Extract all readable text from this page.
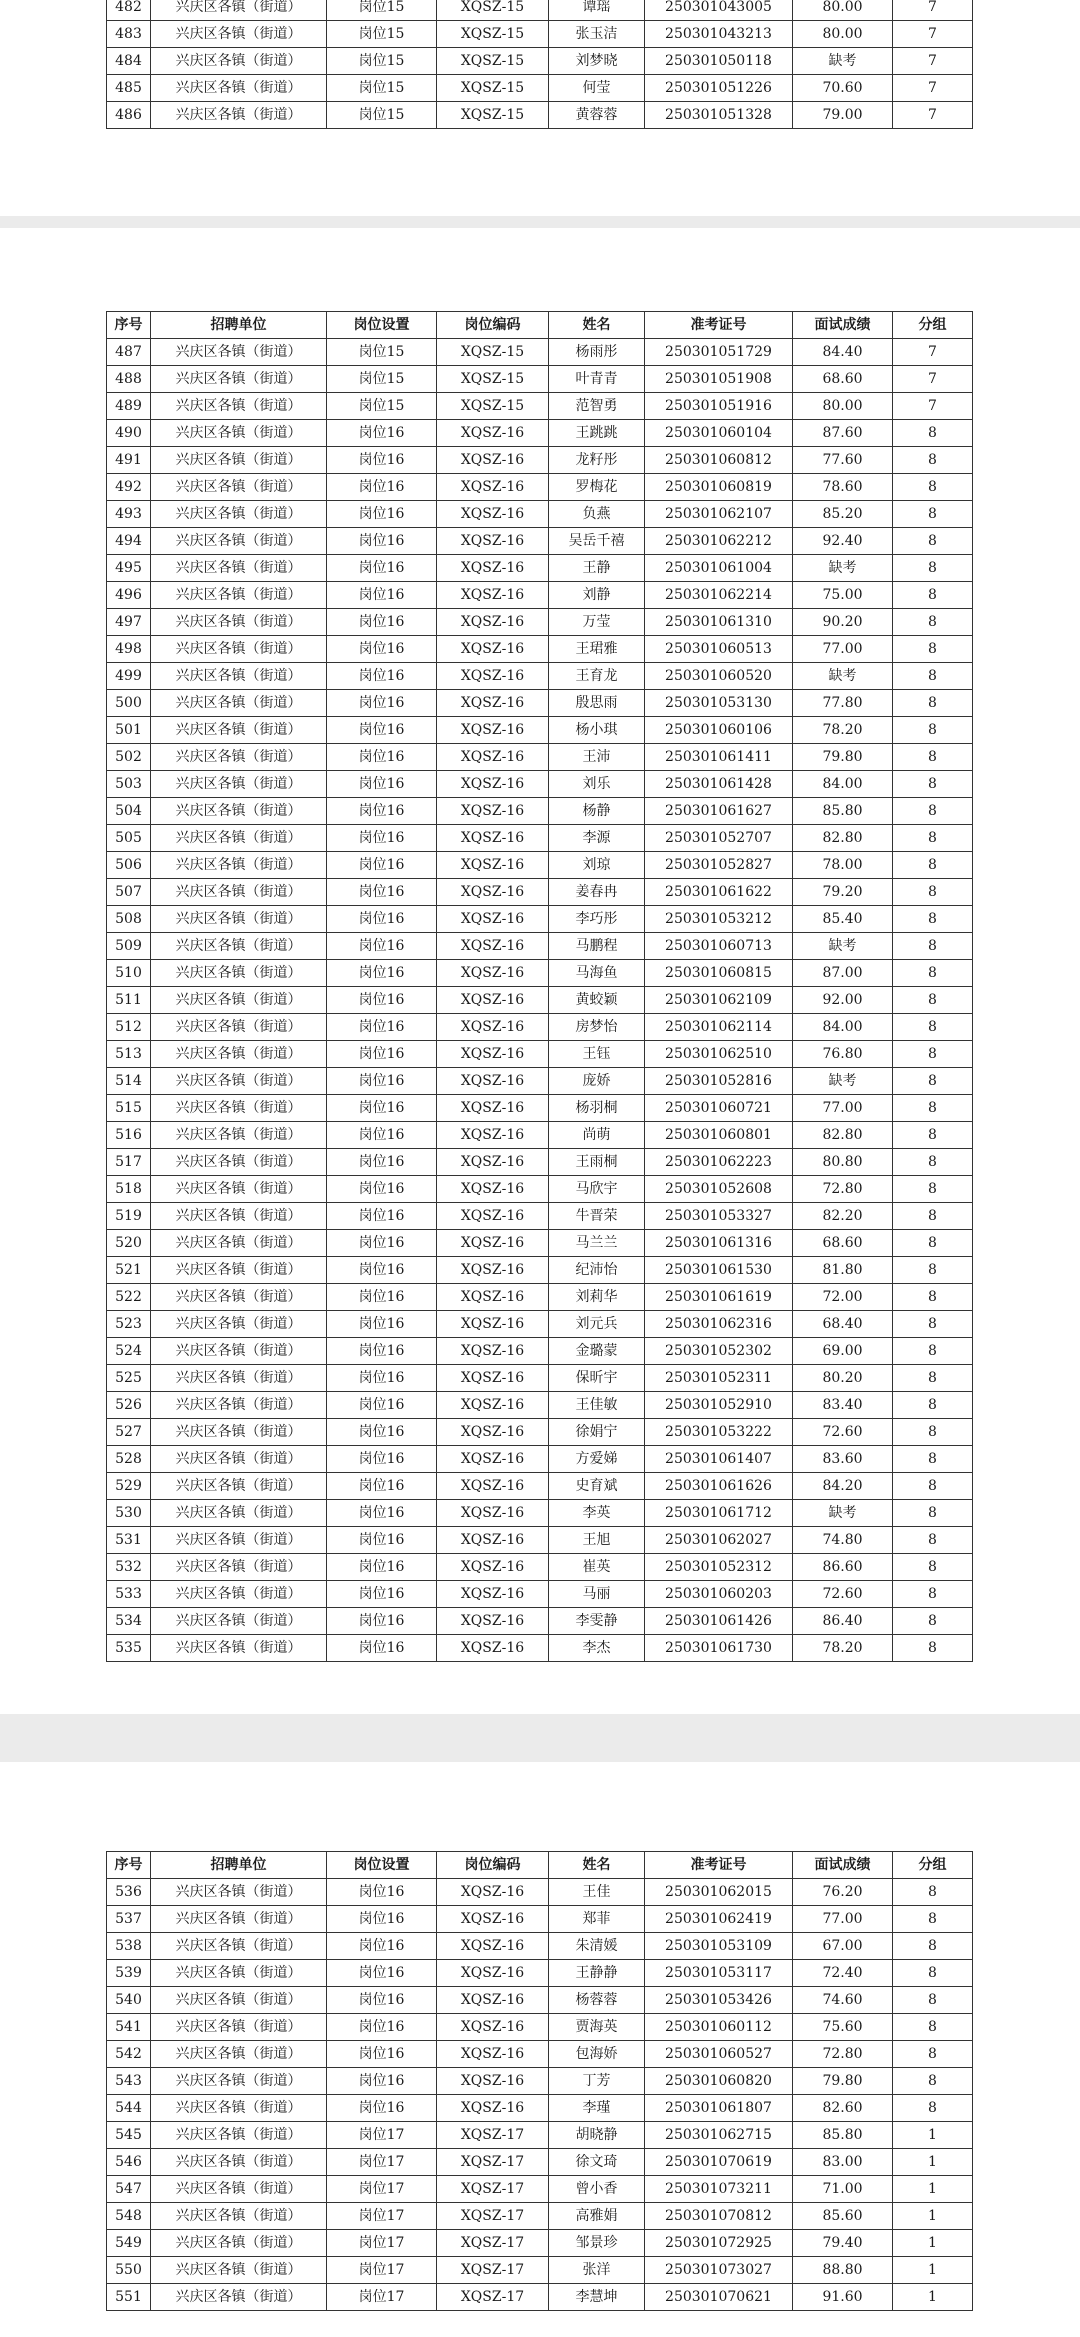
482	兴庆区各镇（街道）	岗位15	XQSZ-15	谭瑶	250301043005	80.00	7
483	兴庆区各镇（街道）	岗位15	XQSZ-15	张玉洁	250301043213	80.00	7
484	兴庆区各镇（街道）	岗位15	XQSZ-15	刘梦晓	250301050118	缺考	7
485	兴庆区各镇（街道）	岗位15	XQSZ-15	何莹	250301051226	70.60	7
486	兴庆区各镇（街道）	岗位15	XQSZ-15	黄蓉蓉	250301051328	79.00	7
序号	招聘单位	岗位设置	岗位编码	姓名	准考证号	面试成绩	分组
487	兴庆区各镇（街道）	岗位15	XQSZ-15	杨雨彤	250301051729	84.40	7
488	兴庆区各镇（街道）	岗位15	XQSZ-15	叶青青	250301051908	68.60	7
489	兴庆区各镇（街道）	岗位15	XQSZ-15	范智勇	250301051916	80.00	7
490	兴庆区各镇（街道）	岗位16	XQSZ-16	王跳跳	250301060104	87.60	8
491	兴庆区各镇（街道）	岗位16	XQSZ-16	龙籽彤	250301060812	77.60	8
492	兴庆区各镇（街道）	岗位16	XQSZ-16	罗梅花	250301060819	78.60	8
493	兴庆区各镇（街道）	岗位16	XQSZ-16	负燕	250301062107	85.20	8
494	兴庆区各镇（街道）	岗位16	XQSZ-16	吴岳千禧	250301062212	92.40	8
495	兴庆区各镇（街道）	岗位16	XQSZ-16	王静	250301061004	缺考	8
496	兴庆区各镇（街道）	岗位16	XQSZ-16	刘静	250301062214	75.00	8
497	兴庆区各镇（街道）	岗位16	XQSZ-16	万莹	250301061310	90.20	8
498	兴庆区各镇（街道）	岗位16	XQSZ-16	王珺雅	250301060513	77.00	8
499	兴庆区各镇（街道）	岗位16	XQSZ-16	王育龙	250301060520	缺考	8
500	兴庆区各镇（街道）	岗位16	XQSZ-16	殷思雨	250301053130	77.80	8
501	兴庆区各镇（街道）	岗位16	XQSZ-16	杨小琪	250301060106	78.20	8
502	兴庆区各镇（街道）	岗位16	XQSZ-16	王沛	250301061411	79.80	8
503	兴庆区各镇（街道）	岗位16	XQSZ-16	刘乐	250301061428	84.00	8
504	兴庆区各镇（街道）	岗位16	XQSZ-16	杨静	250301061627	85.80	8
505	兴庆区各镇（街道）	岗位16	XQSZ-16	李源	250301052707	82.80	8
506	兴庆区各镇（街道）	岗位16	XQSZ-16	刘琼	250301052827	78.00	8
507	兴庆区各镇（街道）	岗位16	XQSZ-16	姜春冉	250301061622	79.20	8
508	兴庆区各镇（街道）	岗位16	XQSZ-16	李巧彤	250301053212	85.40	8
509	兴庆区各镇（街道）	岗位16	XQSZ-16	马鹏程	250301060713	缺考	8
510	兴庆区各镇（街道）	岗位16	XQSZ-16	马海鱼	250301060815	87.00	8
511	兴庆区各镇（街道）	岗位16	XQSZ-16	黄蛟颖	250301062109	92.00	8
512	兴庆区各镇（街道）	岗位16	XQSZ-16	房梦怡	250301062114	84.00	8
513	兴庆区各镇（街道）	岗位16	XQSZ-16	王钰	250301062510	76.80	8
514	兴庆区各镇（街道）	岗位16	XQSZ-16	庞娇	250301052816	缺考	8
515	兴庆区各镇（街道）	岗位16	XQSZ-16	杨羽桐	250301060721	77.00	8
516	兴庆区各镇（街道）	岗位16	XQSZ-16	尚萌	250301060801	82.80	8
517	兴庆区各镇（街道）	岗位16	XQSZ-16	王雨桐	250301062223	80.80	8
518	兴庆区各镇（街道）	岗位16	XQSZ-16	马欣宇	250301052608	72.80	8
519	兴庆区各镇（街道）	岗位16	XQSZ-16	牛晋荣	250301053327	82.20	8
520	兴庆区各镇（街道）	岗位16	XQSZ-16	马兰兰	250301061316	68.60	8
521	兴庆区各镇（街道）	岗位16	XQSZ-16	纪沛怡	250301061530	81.80	8
522	兴庆区各镇（街道）	岗位16	XQSZ-16	刘莉华	250301061619	72.00	8
523	兴庆区各镇（街道）	岗位16	XQSZ-16	刘元兵	250301062316	68.40	8
524	兴庆区各镇（街道）	岗位16	XQSZ-16	金璐蒙	250301052302	69.00	8
525	兴庆区各镇（街道）	岗位16	XQSZ-16	保昕宇	250301052311	80.20	8
526	兴庆区各镇（街道）	岗位16	XQSZ-16	王佳敏	250301052910	83.40	8
527	兴庆区各镇（街道）	岗位16	XQSZ-16	徐娟宁	250301053222	72.60	8
528	兴庆区各镇（街道）	岗位16	XQSZ-16	方爱娣	250301061407	83.60	8
529	兴庆区各镇（街道）	岗位16	XQSZ-16	史育斌	250301061626	84.20	8
530	兴庆区各镇（街道）	岗位16	XQSZ-16	李英	250301061712	缺考	8
531	兴庆区各镇（街道）	岗位16	XQSZ-16	王旭	250301062027	74.80	8
532	兴庆区各镇（街道）	岗位16	XQSZ-16	崔英	250301052312	86.60	8
533	兴庆区各镇（街道）	岗位16	XQSZ-16	马丽	250301060203	72.60	8
534	兴庆区各镇（街道）	岗位16	XQSZ-16	李雯静	250301061426	86.40	8
535	兴庆区各镇（街道）	岗位16	XQSZ-16	李杰	250301061730	78.20	8
序号	招聘单位	岗位设置	岗位编码	姓名	准考证号	面试成绩	分组
536	兴庆区各镇（街道）	岗位16	XQSZ-16	王佳	250301062015	76.20	8
537	兴庆区各镇（街道）	岗位16	XQSZ-16	郑菲	250301062419	77.00	8
538	兴庆区各镇（街道）	岗位16	XQSZ-16	朱清媛	250301053109	67.00	8
539	兴庆区各镇（街道）	岗位16	XQSZ-16	王静静	250301053117	72.40	8
540	兴庆区各镇（街道）	岗位16	XQSZ-16	杨蓉蓉	250301053426	74.60	8
541	兴庆区各镇（街道）	岗位16	XQSZ-16	贾海英	250301060112	75.60	8
542	兴庆区各镇（街道）	岗位16	XQSZ-16	包海娇	250301060527	72.80	8
543	兴庆区各镇（街道）	岗位16	XQSZ-16	丁芳	250301060820	79.80	8
544	兴庆区各镇（街道）	岗位16	XQSZ-16	李瑾	250301061807	82.60	8
545	兴庆区各镇（街道）	岗位17	XQSZ-17	胡晓静	250301062715	85.80	1
546	兴庆区各镇（街道）	岗位17	XQSZ-17	徐文琦	250301070619	83.00	1
547	兴庆区各镇（街道）	岗位17	XQSZ-17	曾小香	250301073211	71.00	1
548	兴庆区各镇（街道）	岗位17	XQSZ-17	高雅娟	250301070812	85.60	1
549	兴庆区各镇（街道）	岗位17	XQSZ-17	邹景珍	250301072925	79.40	1
550	兴庆区各镇（街道）	岗位17	XQSZ-17	张洋	250301073027	88.80	1
551	兴庆区各镇（街道）	岗位17	XQSZ-17	李慧坤	250301070621	91.60	1
